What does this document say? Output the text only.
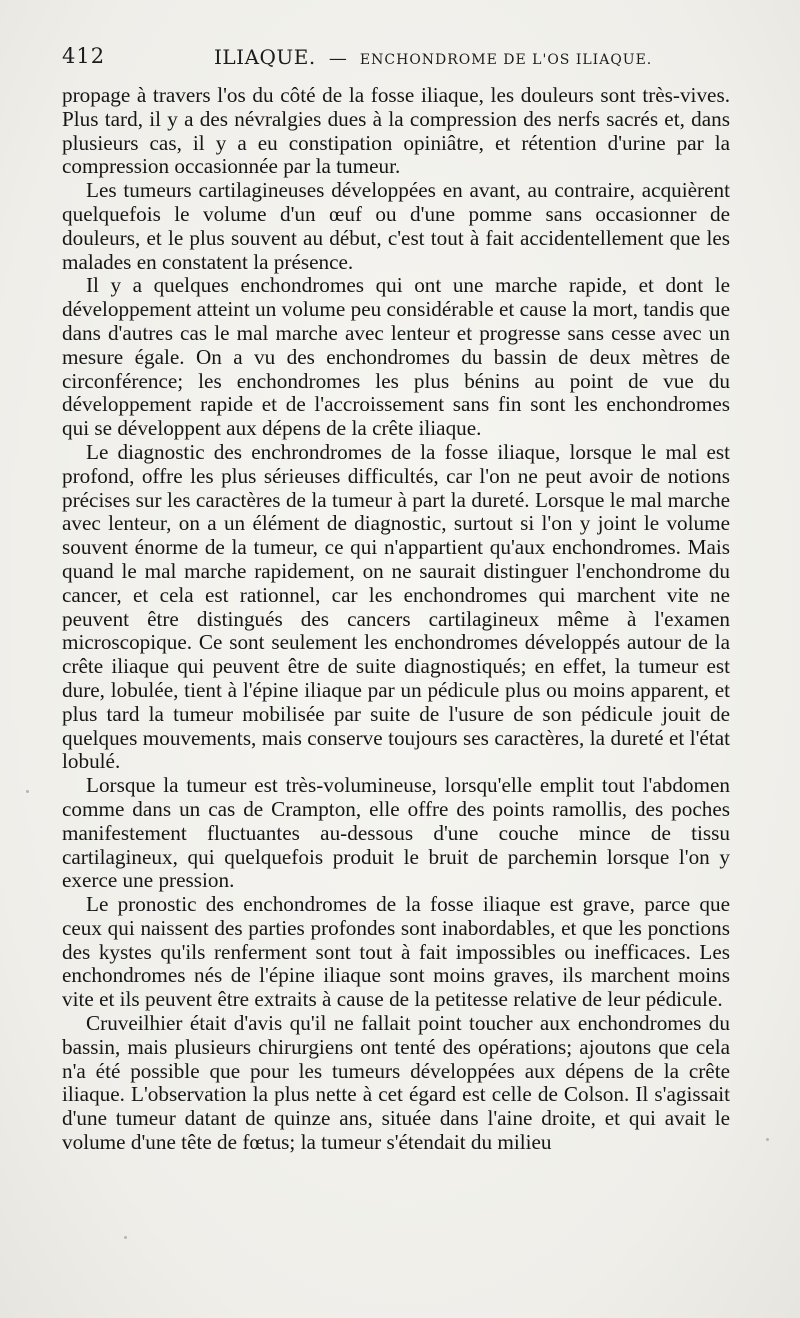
412	ILIAQUE. — ENCHONDROME DE L'OS ILIAQUE.

propage à travers l'os du côté de la fosse iliaque, les douleurs sont très-vives. Plus tard, il y a des névralgies dues à la compression des nerfs sacrés et, dans plusieurs cas, il y a eu constipation opiniâtre, et rétention d'urine par la compression occasionnée par la tumeur.

Les tumeurs cartilagineuses développées en avant, au contraire, acquièrent quelquefois le volume d'un œuf ou d'une pomme sans occasionner de douleurs, et le plus souvent au début, c'est tout à fait accidentellement que les malades en constatent la présence.

Il y a quelques enchondromes qui ont une marche rapide, et dont le développement atteint un volume peu considérable et cause la mort, tandis que dans d'autres cas le mal marche avec lenteur et progresse sans cesse avec un mesure égale. On a vu des enchondromes du bassin de deux mètres de circonférence; les enchondromes les plus bénins au point de vue du développement rapide et de l'accroissement sans fin sont les enchondromes qui se développent aux dépens de la crête iliaque.

Le diagnostic des enchrondromes de la fosse iliaque, lorsque le mal est profond, offre les plus sérieuses difficultés, car l'on ne peut avoir de notions précises sur les caractères de la tumeur à part la dureté. Lorsque le mal marche avec lenteur, on a un élément de diagnostic, surtout si l'on y joint le volume souvent énorme de la tumeur, ce qui n'appartient qu'aux enchondromes. Mais quand le mal marche rapidement, on ne saurait distinguer l'enchondrome du cancer, et cela est rationnel, car les enchondromes qui marchent vite ne peuvent être distingués des cancers cartilagineux même à l'examen microscopique. Ce sont seulement les enchondromes développés autour de la crête iliaque qui peuvent être de suite diagnostiqués; en effet, la tumeur est dure, lobulée, tient à l'épine iliaque par un pédicule plus ou moins apparent, et plus tard la tumeur mobilisée par suite de l'usure de son pédicule jouit de quelques mouvements, mais conserve toujours ses caractères, la dureté et l'état lobulé.

Lorsque la tumeur est très-volumineuse, lorsqu'elle emplit tout l'abdomen comme dans un cas de Crampton, elle offre des points ramollis, des poches manifestement fluctuantes au-dessous d'une couche mince de tissu cartilagineux, qui quelquefois produit le bruit de parchemin lorsque l'on y exerce une pression.

Le pronostic des enchondromes de la fosse iliaque est grave, parce que ceux qui naissent des parties profondes sont inabordables, et que les ponctions des kystes qu'ils renferment sont tout à fait impossibles ou inefficaces. Les enchondromes nés de l'épine iliaque sont moins graves, ils marchent moins vite et ils peuvent être extraits à cause de la petitesse relative de leur pédicule.

Cruveilhier était d'avis qu'il ne fallait point toucher aux enchondromes du bassin, mais plusieurs chirurgiens ont tenté des opérations; ajoutons que cela n'a été possible que pour les tumeurs développées aux dépens de la crête iliaque. L'observation la plus nette à cet égard est celle de Colson. Il s'agissait d'une tumeur datant de quinze ans, située dans l'aine droite, et qui avait le volume d'une tête de fœtus; la tumeur s'étendait du milieu
